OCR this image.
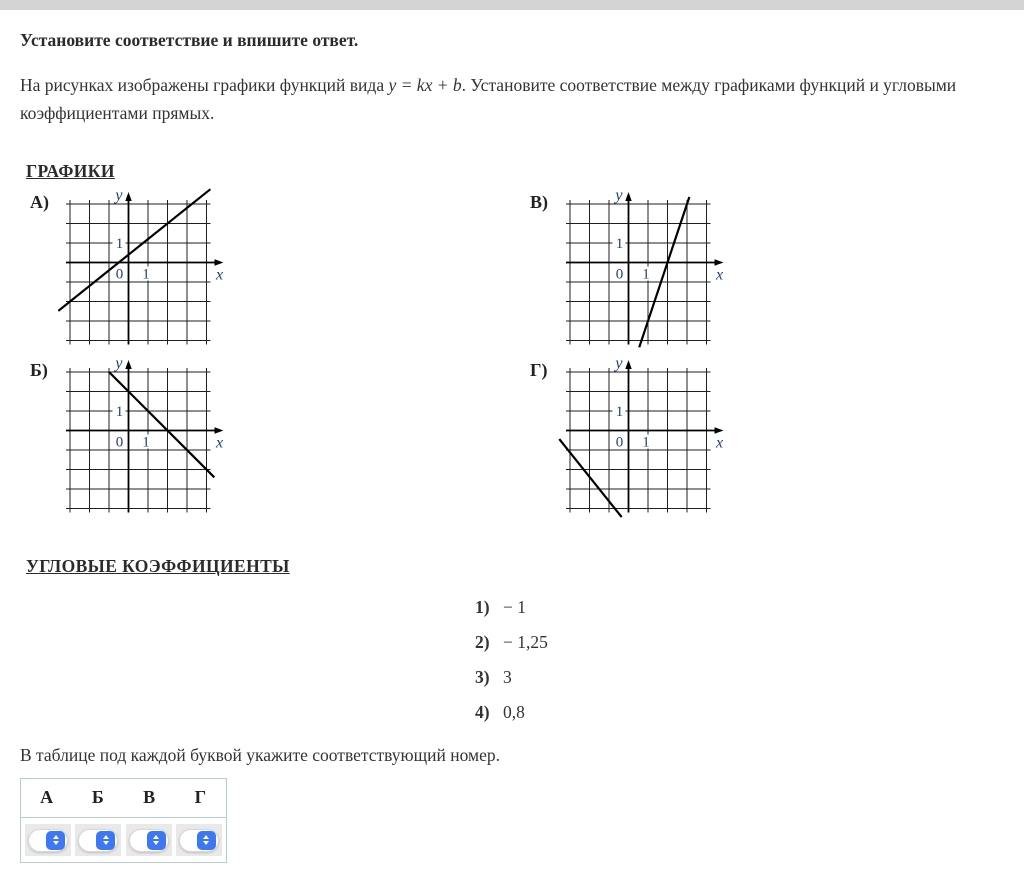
Установите соответствие и впишите ответ.
На рисунках изображены графики функций вида y = kx + b. Установите соответствие между графиками функций и угловыми коэффициентами прямых.
ГРАФИКИ
А)
0 1
1
y
x
Б)
0 1
1
y
x
В)
0 1
1
y
x
Г)
0 1
1
y
x
УГЛОВЫЕ КОЭФФИЦИЕНТЫ
1) − 1
2) − 1,25
3) 3
4) 0,8
В таблице под каждой буквой укажите соответствующий номер.
А	Б	В	Г
